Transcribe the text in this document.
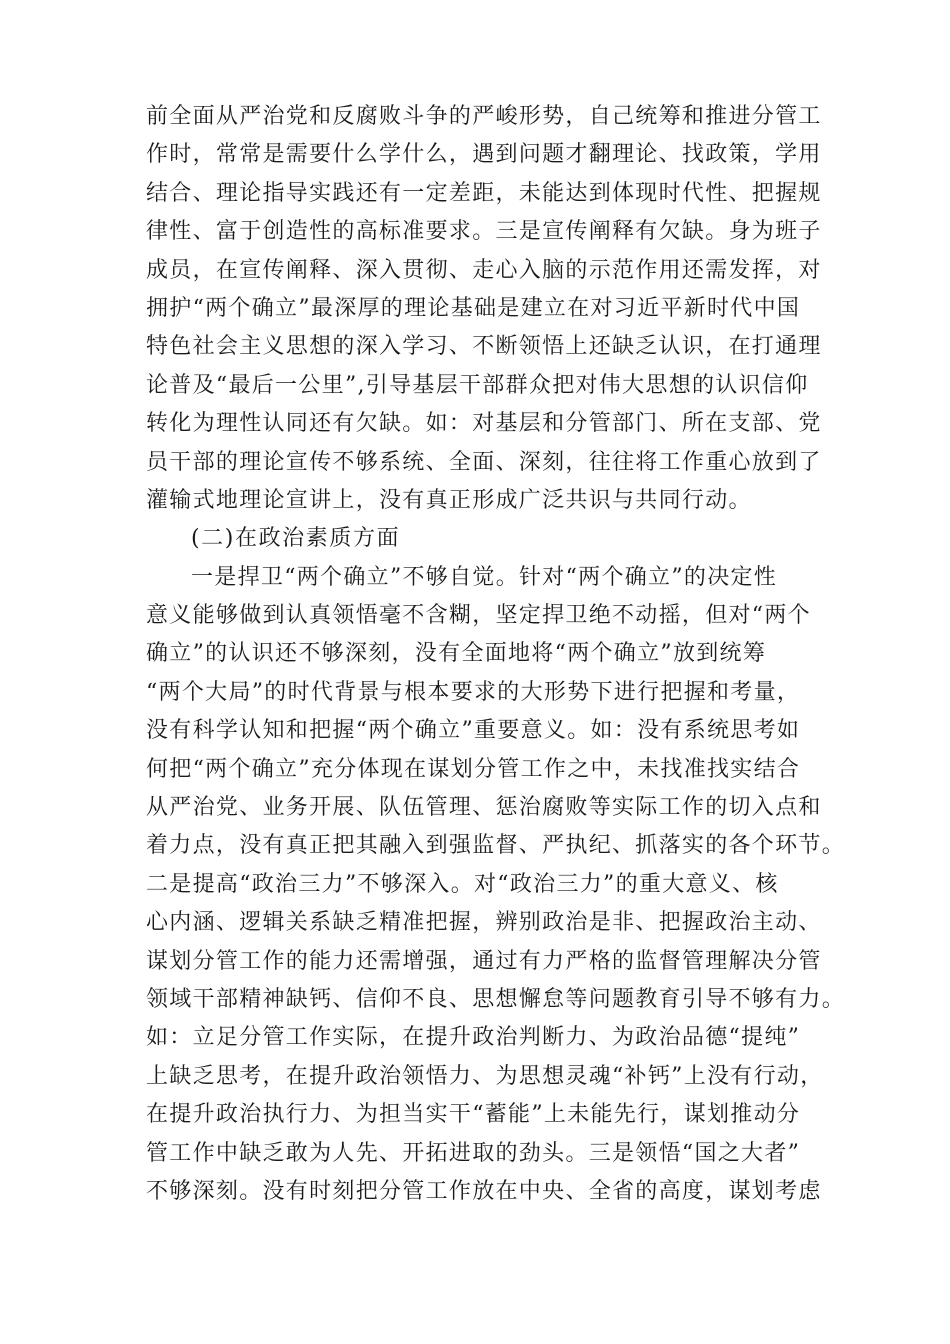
前全面从严治党和反腐败斗争的严峻形势，自己统筹和推进分管工
作时，常常是需要什么学什么，遇到问题才翻理论、找政策，学用
结合、理论指导实践还有一定差距，未能达到体现时代性、把握规
律性、富于创造性的高标准要求。三是宣传阐释有欠缺。身为班子
成员，在宣传阐释、深入贯彻、走心入脑的示范作用还需发挥，对
拥护“两个确立”最深厚的理论基础是建立在对习近平新时代中国
特色社会主义思想的深入学习、不断领悟上还缺乏认识，在打通理
论普及“最后一公里”,引导基层干部群众把对伟大思想的认识信仰
转化为理性认同还有欠缺。如：对基层和分管部门、所在支部、党
员干部的理论宣传不够系统、全面、深刻，往往将工作重心放到了
灌输式地理论宣讲上，没有真正形成广泛共识与共同行动。
(二)在政治素质方面
一是捍卫“两个确立”不够自觉。针对“两个确立”的决定性
意义能够做到认真领悟毫不含糊，坚定捍卫绝不动摇，但对“两个
确立”的认识还不够深刻，没有全面地将“两个确立”放到统筹
“两个大局”的时代背景与根本要求的大形势下进行把握和考量，
没有科学认知和把握“两个确立”重要意义。如：没有系统思考如
何把“两个确立”充分体现在谋划分管工作之中，未找准找实结合
从严治党、业务开展、队伍管理、惩治腐败等实际工作的切入点和
着力点，没有真正把其融入到强监督、严执纪、抓落实的各个环节。
二是提高“政治三力”不够深入。对“政治三力”的重大意义、核
心内涵、逻辑关系缺乏精准把握，辨别政治是非、把握政治主动、
谋划分管工作的能力还需增强，通过有力严格的监督管理解决分管
领域干部精神缺钙、信仰不良、思想懈怠等问题教育引导不够有力。
如：立足分管工作实际，在提升政治判断力、为政治品德“提纯”
上缺乏思考，在提升政治领悟力、为思想灵魂“补钙”上没有行动，
在提升政治执行力、为担当实干“蓄能”上未能先行，谋划推动分
管工作中缺乏敢为人先、开拓进取的劲头。三是领悟“国之大者”
不够深刻。没有时刻把分管工作放在中央、全省的高度，谋划考虑
